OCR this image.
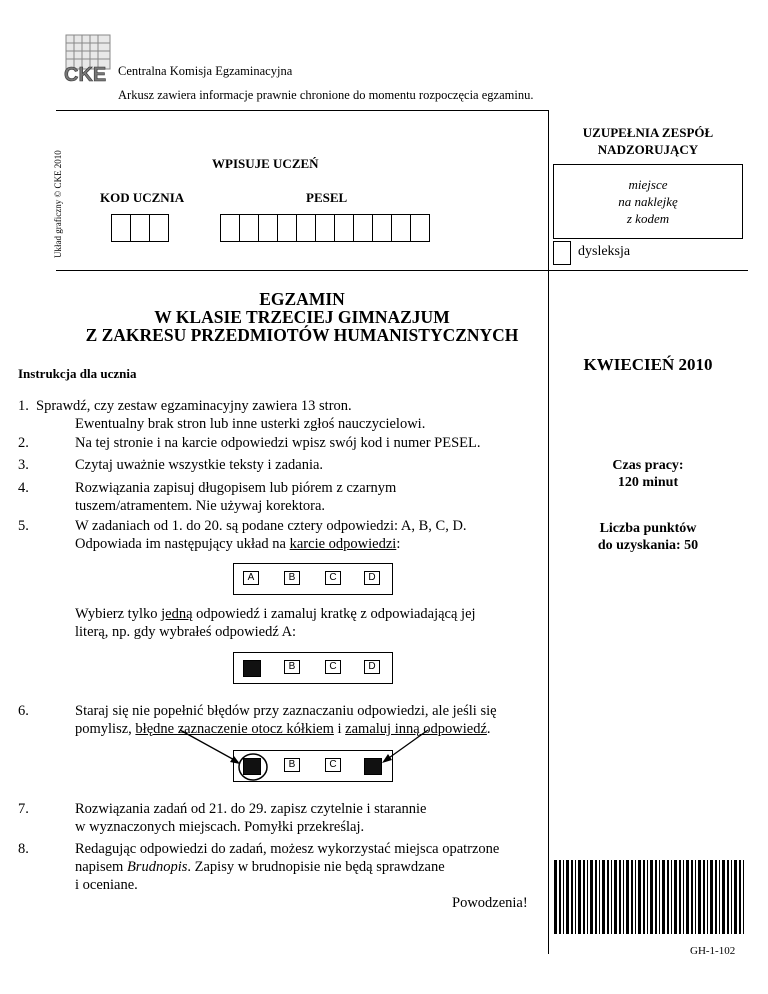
Układ graficzny © CKE 2010
CKE Centralna Komisja Egzaminacyjna
Arkusz zawiera informacje prawnie chronione do momentu rozpoczęcia egzaminu.
WPISUJE UCZEŃ
KOD UCZNIA	PESEL
UZUPEŁNIA ZESPÓŁ
NADZORUJĄCY
miejsce
na naklejkę
z kodem
dysleksja
EGZAMIN
W KLASIE TRZECIEJ GIMNAZJUM
Z ZAKRESU PRZEDMIOTÓW HUMANISTYCZNYCH
Instrukcja dla ucznia
1. Sprawdź, czy zestaw egzaminacyjny zawiera 13 stron.
Ewentualny brak stron lub inne usterki zgłoś nauczycielowi.
2.	Na tej stronie i na karcie odpowiedzi wpisz swój kod i numer PESEL.
3.	Czytaj uważnie wszystkie teksty i zadania.
4.	Rozwiązania zapisuj długopisem lub piórem z czarnym
tuszem/atramentem. Nie używaj korektora.
5.	W zadaniach od 1. do 20. są podane cztery odpowiedzi: A, B, C, D.
Odpowiada im następujący układ na karcie odpowiedzi:
A	B	C	D
Wybierz tylko jedną odpowiedź i zamaluj kratkę z odpowiadającą jej
literą, np. gdy wybrałeś odpowiedź A:
B	C	D
6.	Staraj się nie popełnić błędów przy zaznaczaniu odpowiedzi, ale jeśli się
pomylisz, błędne zaznaczenie otocz kółkiem i zamaluj inną odpowiedź.
B	C
7.	Rozwiązania zadań od 21. do 29. zapisz czytelnie i starannie
w wyznaczonych miejscach. Pomyłki przekreślaj.
8.	Redagując odpowiedzi do zadań, możesz wykorzystać miejsca opatrzone
napisem Brudnopis. Zapisy w brudnopisie nie będą sprawdzane
i oceniane.
Powodzenia!
KWIECIEŃ 2010
Czas pracy:
120 minut
Liczba punktów
do uzyskania: 50
GH-1-102
